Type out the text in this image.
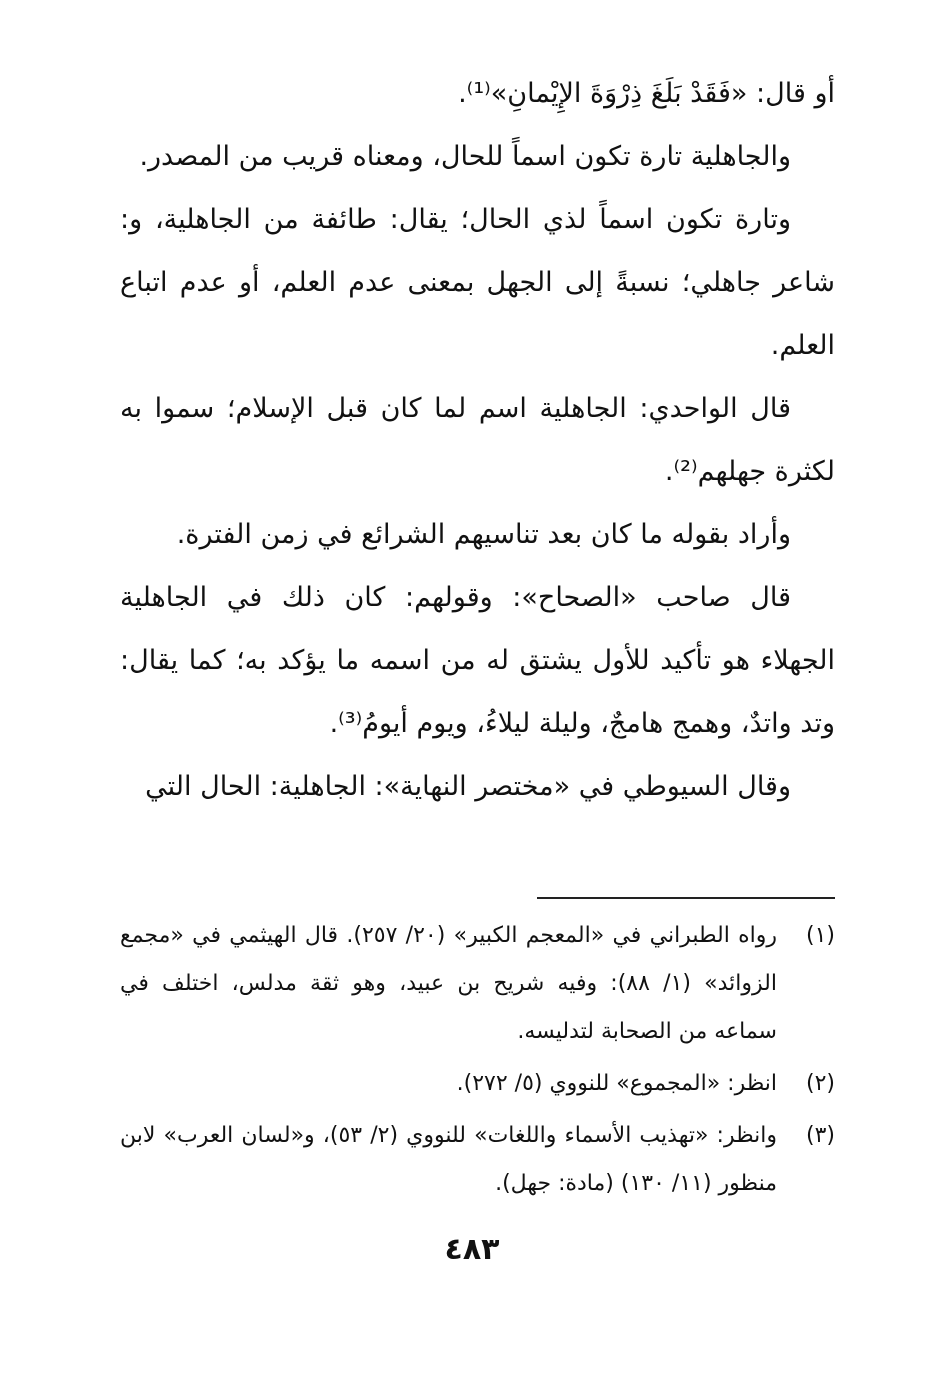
أو قال: «فَقَدْ بَلَغَ ذِرْوَةَ الإِيْمانِ»⁽¹⁾.

والجاهلية تارة تكون اسماً للحال، ومعناه قريب من المصدر.

وتارة تكون اسماً لذي الحال؛ يقال: طائفة من الجاهلية، و: شاعر جاهلي؛ نسبةً إلى الجهل بمعنى عدم العلم، أو عدم اتباع العلم.

قال الواحدي: الجاهلية اسم لما كان قبل الإسلام؛ سموا به لكثرة جهلهم⁽²⁾.

وأراد بقوله ما كان بعد تناسيهم الشرائع في زمن الفترة.

قال صاحب «الصحاح»: وقولهم: كان ذلك في الجاهلية الجهلاء هو تأكيد للأول يشتق له من اسمه ما يؤكد به؛ كما يقال: وتد واتدٌ، وهمج هامجٌ، وليلة ليلاءُ، ويوم أيومُ⁽³⁾.

وقال السيوطي في «مختصر النهاية»: الجاهلية: الحال التي

(١)
رواه الطبراني في «المعجم الكبير» (٢٠/ ٢٥٧). قال الهيثمي في «مجمع الزوائد» (١/ ٨٨): وفيه شريح بن عبيد، وهو ثقة مدلس، اختلف في سماعه من الصحابة لتدليسه.
(٢)
انظر: «المجموع» للنووي (٥/ ٢٧٢).
(٣)
وانظر: «تهذيب الأسماء واللغات» للنووي (٢/ ٥٣)، و«لسان العرب» لابن منظور (١١/ ١٣٠) (مادة: جهل).
٤٨٣
